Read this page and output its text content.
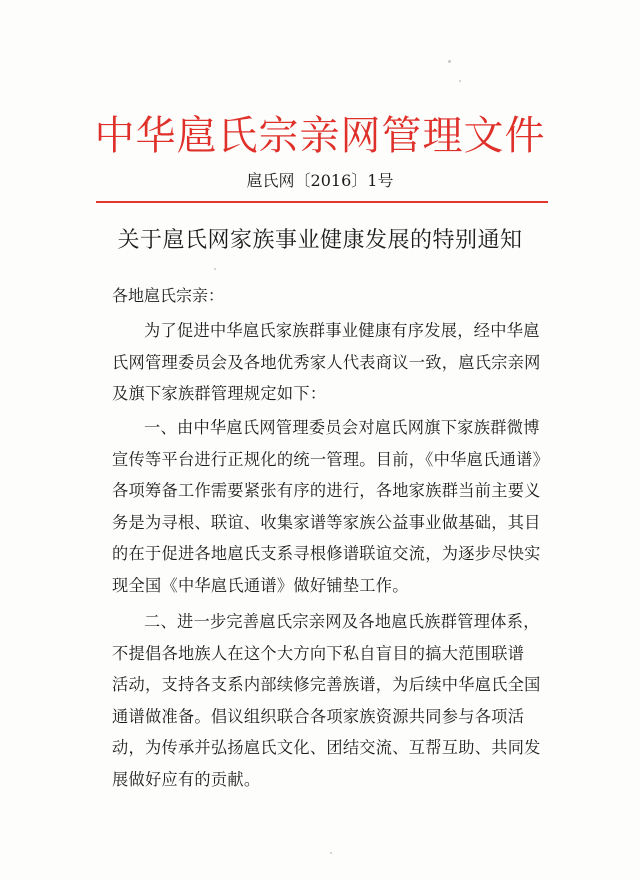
中华扈氏宗亲网管理文件
扈氏网〔2016〕1号
关于扈氏网家族事业健康发展的特别通知
各地扈氏宗亲：
为了促进中华扈氏家族群事业健康有序发展，经中华扈
氏网管理委员会及各地优秀家人代表商议一致，扈氏宗亲网
及旗下家族群管理规定如下：
一、由中华扈氏网管理委员会对扈氏网旗下家族群微博
宣传等平台进行正规化的统一管理。目前，《中华扈氏通谱》
各项筹备工作需要紧张有序的进行，各地家族群当前主要义
务是为寻根、联谊、收集家谱等家族公益事业做基础，其目
的在于促进各地扈氏支系寻根修谱联谊交流，为逐步尽快实
现全国《中华扈氏通谱》做好铺垫工作。
二、进一步完善扈氏宗亲网及各地扈氏族群管理体系，
不提倡各地族人在这个大方向下私自盲目的搞大范围联谱
活动，支持各支系内部续修完善族谱，为后续中华扈氏全国
通谱做准备。倡议组织联合各项家族资源共同参与各项活
动，为传承并弘扬扈氏文化、团结交流、互帮互助、共同发
展做好应有的贡献。
